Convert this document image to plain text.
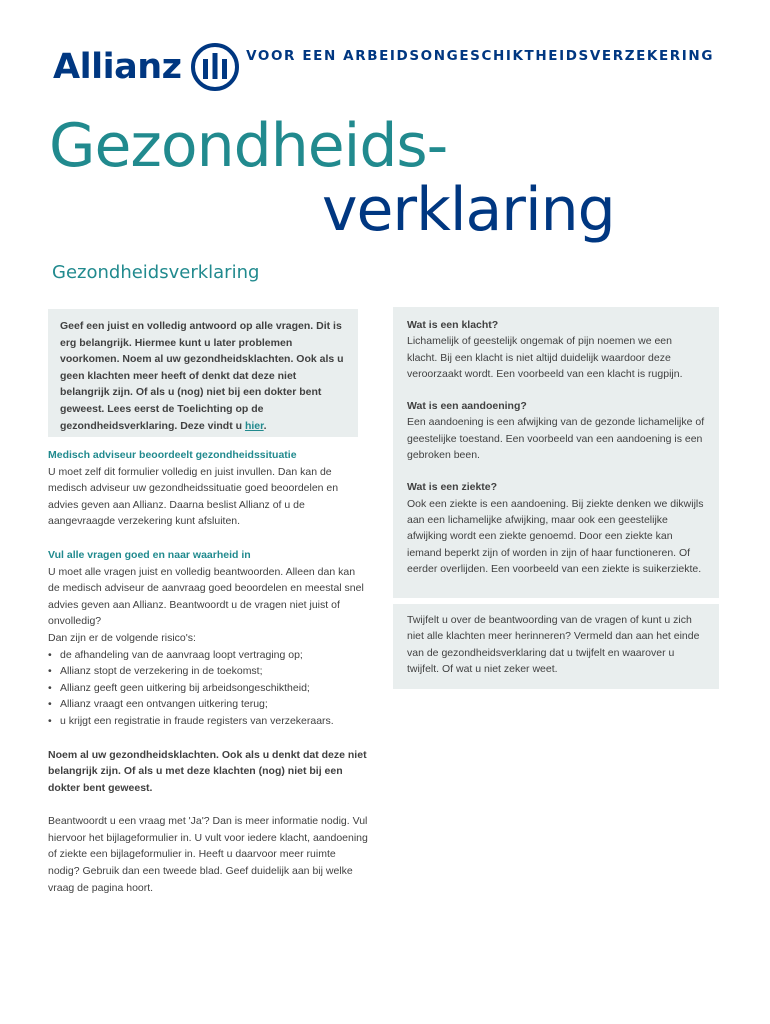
Allianz	VOOR EEN ARBEIDSONGESCHIKTHEIDSVERZEKERING
Gezondheids-
verklaring
Gezondheidsverklaring

Geef een juist en volledig antwoord op alle vragen. Dit is erg belangrijk. Hiermee kunt u later problemen voorkomen. Noem al uw gezondheidsklachten. Ook als u geen klachten meer heeft of denkt dat deze niet belangrijk zijn. Of als u (nog) niet bij een dokter bent geweest. Lees eerst de Toelichting op de gezondheidsverklaring. Deze vindt u hier.

Medisch adviseur beoordeelt gezondheidssituatie

U moet zelf dit formulier volledig en juist invullen. Dan kan de medisch adviseur uw gezondheidssituatie goed beoordelen en advies geven aan Allianz. Daarna beslist Allianz of u de aangevraagde verzekering kunt afsluiten.

Vul alle vragen goed en naar waarheid in

U moet alle vragen juist en volledig beantwoorden. Alleen dan kan de medisch adviseur de aanvraag goed beoordelen en meestal snel advies geven aan Allianz. Beantwoordt u de vragen niet juist of onvolledig?

Dan zijn er de volgende risico's:

• de afhandeling van de aanvraag loopt vertraging op;
• Allianz stopt de verzekering in de toekomst;
• Allianz geeft geen uitkering bij arbeidsongeschiktheid;
• Allianz vraagt een ontvangen uitkering terug;
• u krijgt een registratie in fraude registers van verzekeraars.

Noem al uw gezondheidsklachten. Ook als u denkt dat deze niet belangrijk zijn. Of als u met deze klachten (nog) niet bij een dokter bent geweest.

Beantwoordt u een vraag met 'Ja'? Dan is meer informatie nodig. Vul hiervoor het bijlageformulier in. U vult voor iedere klacht, aandoening of ziekte een bijlageformulier in. Heeft u daarvoor meer ruimte nodig? Gebruik dan een tweede blad. Geef duidelijk aan bij welke vraag de pagina hoort.

Wat is een klacht?

Lichamelijk of geestelijk ongemak of pijn noemen we een klacht. Bij een klacht is niet altijd duidelijk waardoor deze veroorzaakt wordt. Een voorbeeld van een klacht is rugpijn.

Wat is een aandoening?

Een aandoening is een afwijking van de gezonde lichamelijke of geestelijke toestand. Een voorbeeld van een aandoening is een gebroken been.

Wat is een ziekte?

Ook een ziekte is een aandoening. Bij ziekte denken we dikwijls aan een lichamelijke afwijking, maar ook een geestelijke afwijking wordt een ziekte genoemd. Door een ziekte kan iemand beperkt zijn of worden in zijn of haar functioneren. Of eerder overlijden. Een voorbeeld van een ziekte is suikerziekte.

Twijfelt u over de beantwoording van de vragen of kunt u zich niet alle klachten meer herinneren? Vermeld dan aan het einde van de gezondheidsverklaring dat u twijfelt en waarover u twijfelt. Of wat u niet zeker weet.
